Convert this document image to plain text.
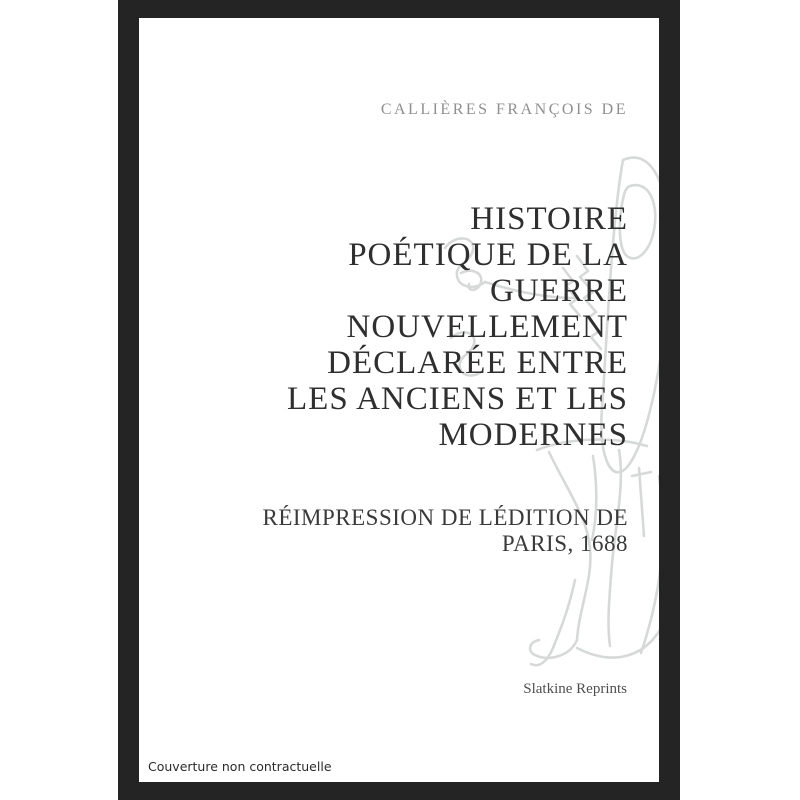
CALLIÈRES FRANÇOIS DE
HISTOIRE
POÉTIQUE DE LA
GUERRE
NOUVELLEMENT
DÉCLARÉE ENTRE
LES ANCIENS ET LES
MODERNES
RÉIMPRESSION DE LÉDITION DE
PARIS, 1688
Slatkine Reprints
Couverture non contractuelle
